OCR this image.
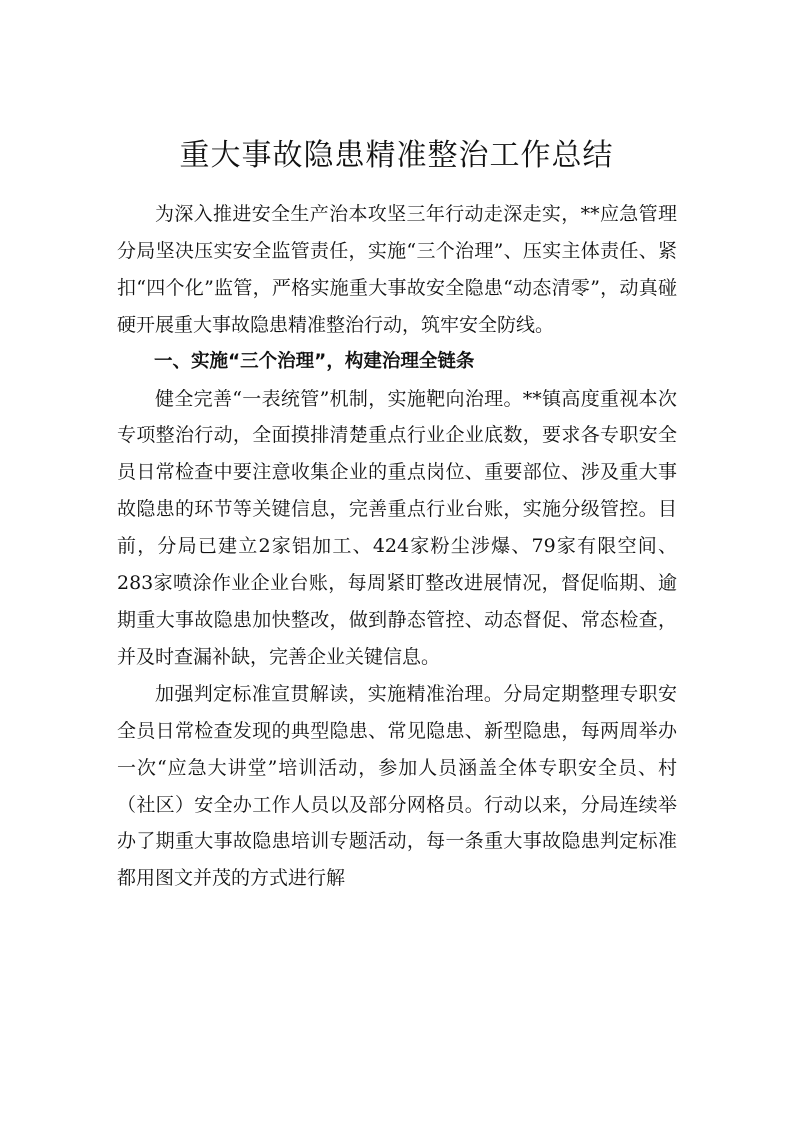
重大事故隐患精准整治工作总结

为深入推进安全生产治本攻坚三年行动走深走实，**应急管理分局坚决压实安全监管责任，实施“三个治理”、压实主体责任、紧扣“四个化”监管，严格实施重大事故安全隐患“动态清零”，动真碰硬开展重大事故隐患精准整治行动，筑牢安全防线。

一、实施“三个治理”，构建治理全链条

健全完善“一表统管”机制，实施靶向治理。**镇高度重视本次专项整治行动，全面摸排清楚重点行业企业底数，要求各专职安全员日常检查中要注意收集企业的重点岗位、重要部位、涉及重大事故隐患的环节等关键信息，完善重点行业台账，实施分级管控。目前，分局已建立2家铝加工、424家粉尘涉爆、79家有限空间、283家喷涂作业企业台账，每周紧盯整改进展情况，督促临期、逾期重大事故隐患加快整改，做到静态管控、动态督促、常态检查，并及时查漏补缺，完善企业关键信息。

加强判定标准宣贯解读，实施精准治理。分局定期整理专职安全员日常检查发现的典型隐患、常见隐患、新型隐患，每两周举办一次“应急大讲堂”培训活动，参加人员涵盖全体专职安全员、村（社区）安全办工作人员以及部分网格员。行动以来，分局连续举办了期重大事故隐患培训专题活动，每一条重大事故隐患判定标准都用图文并茂的方式进行解
